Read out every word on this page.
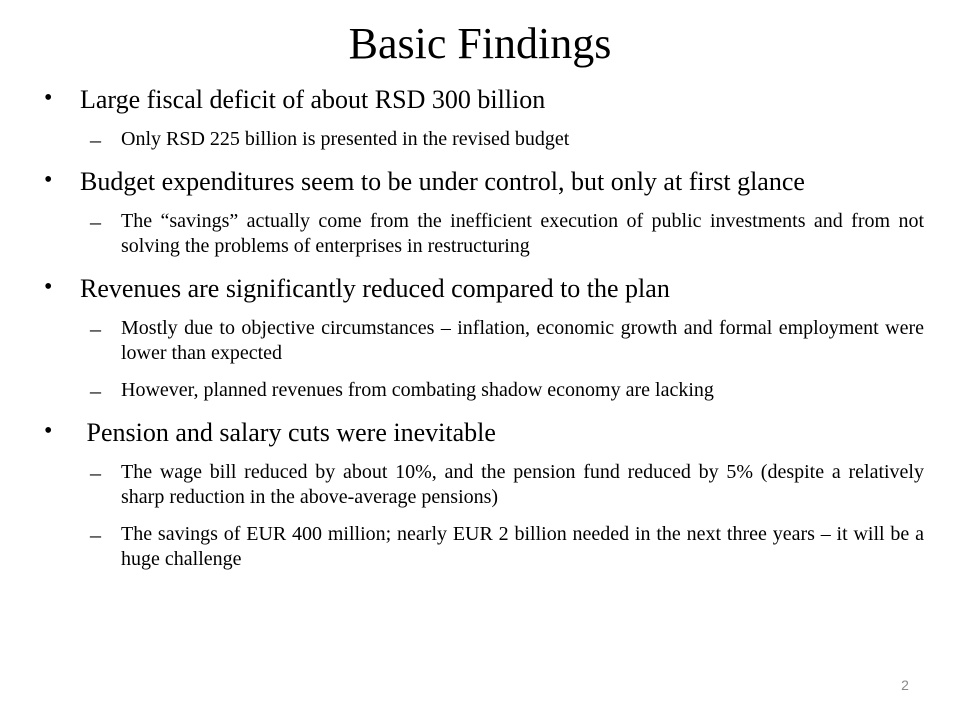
Basic Findings
• Large fiscal deficit of about RSD 300 billion
– Only RSD 225 billion is presented in the revised budget
• Budget expenditures seem to be under control, but only at first glance
– The “savings” actually come from the inefficient execution of public investments and from not solving the problems of enterprises in restructuring
• Revenues are significantly reduced compared to the plan
– Mostly due to objective circumstances – inflation, economic growth and formal employment were lower than expected
– However, planned revenues from combating shadow economy are lacking
• Pension and salary cuts were inevitable
– The wage bill reduced by about 10%, and the pension fund reduced by 5% (despite a relatively sharp reduction in the above-average pensions)
– The savings of EUR 400 million; nearly EUR 2 billion needed in the next three years – it will be a huge challenge
2
